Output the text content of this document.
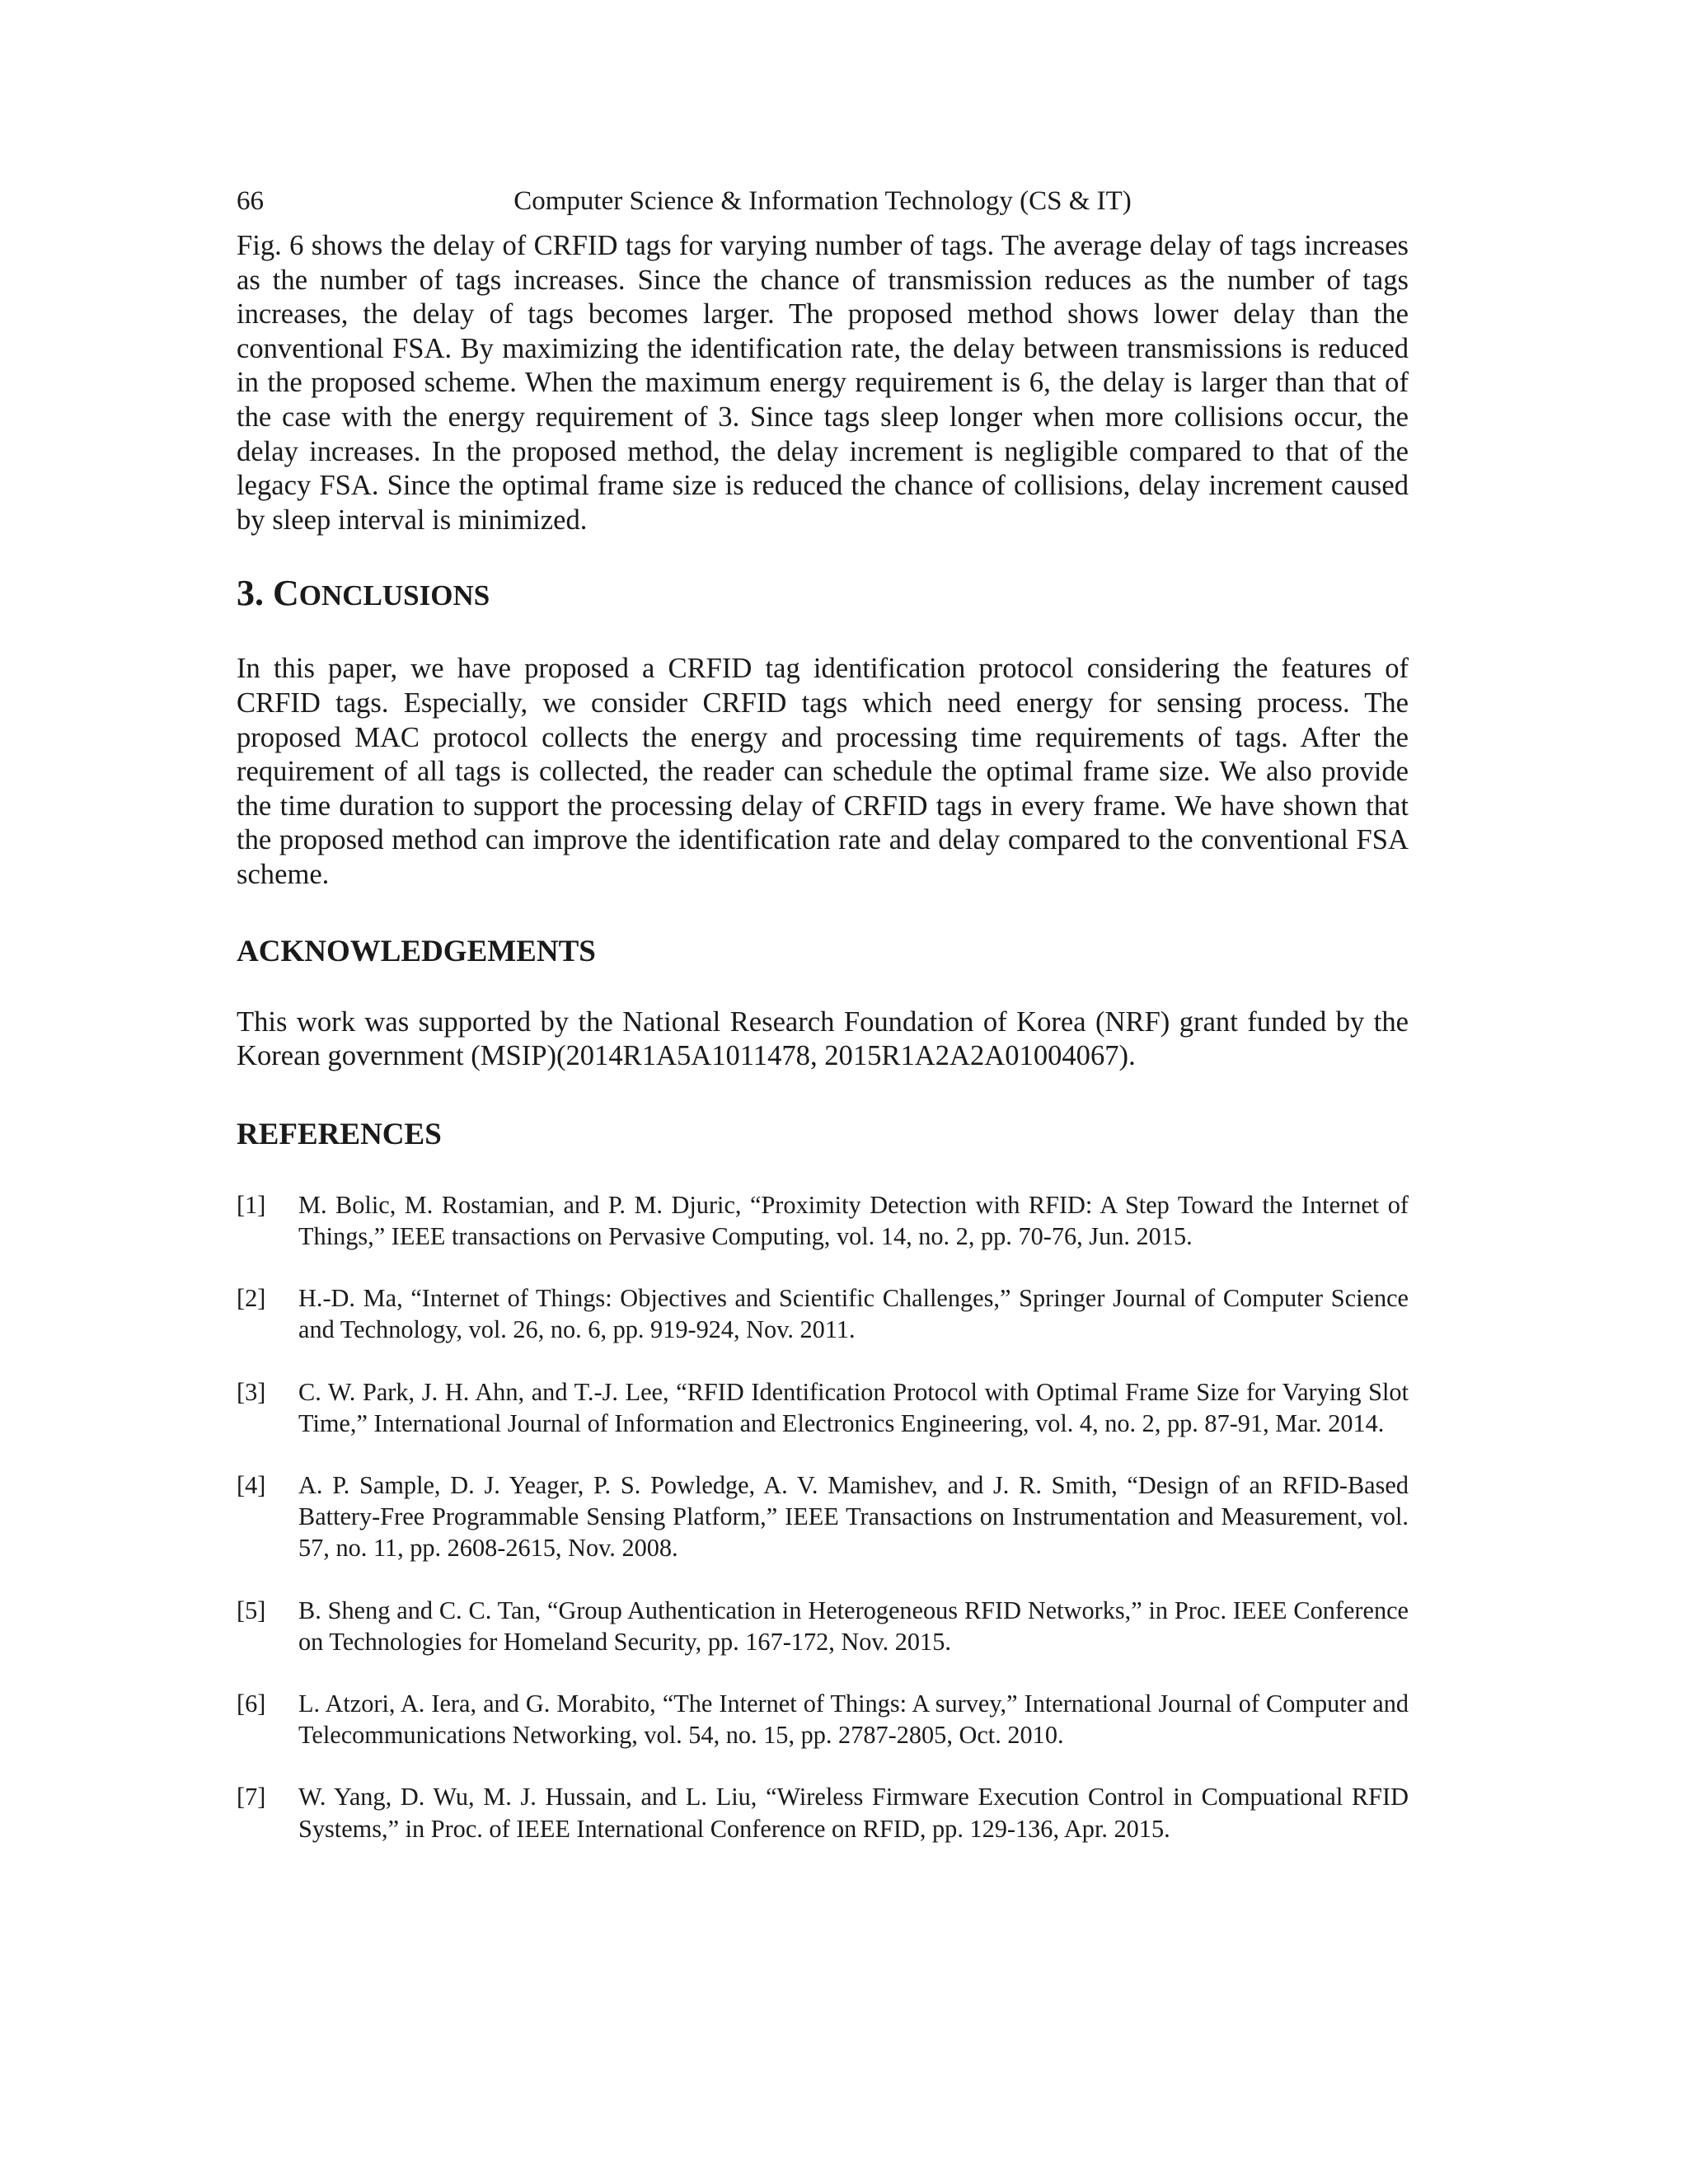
66	Computer Science & Information Technology (CS & IT)

Fig. 6 shows the delay of CRFID tags for varying number of tags. The average delay of tags increases as the number of tags increases. Since the chance of transmission reduces as the number of tags increases, the delay of tags becomes larger. The proposed method shows lower delay than the conventional FSA. By maximizing the identification rate, the delay between transmissions is reduced in the proposed scheme. When the maximum energy requirement is 6, the delay is larger than that of the case with the energy requirement of 3. Since tags sleep longer when more collisions occur, the delay increases. In the proposed method, the delay increment is negligible compared to that of the legacy FSA. Since the optimal frame size is reduced the chance of collisions, delay increment caused by sleep interval is minimized.

3. CONCLUSIONS

In this paper, we have proposed a CRFID tag identification protocol considering the features of CRFID tags. Especially, we consider CRFID tags which need energy for sensing process. The proposed MAC protocol collects the energy and processing time requirements of tags. After the requirement of all tags is collected, the reader can schedule the optimal frame size. We also provide the time duration to support the processing delay of CRFID tags in every frame. We have shown that the proposed method can improve the identification rate and delay compared to the conventional FSA scheme.

ACKNOWLEDGEMENTS

This work was supported by the National Research Foundation of Korea (NRF) grant funded by the Korean government (MSIP)(2014R1A5A1011478, 2015R1A2A2A01004067).

REFERENCES
[1] M. Bolic, M. Rostamian, and P. M. Djuric, “Proximity Detection with RFID: A Step Toward the Internet of Things,” IEEE transactions on Pervasive Computing, vol. 14, no. 2, pp. 70-76, Jun. 2015.
[2] H.-D. Ma, “Internet of Things: Objectives and Scientific Challenges,” Springer Journal of Computer Science and Technology, vol. 26, no. 6, pp. 919-924, Nov. 2011.
[3] C. W. Park, J. H. Ahn, and T.-J. Lee, “RFID Identification Protocol with Optimal Frame Size for Varying Slot Time,” International Journal of Information and Electronics Engineering, vol. 4, no. 2, pp. 87-91, Mar. 2014.
[4] A. P. Sample, D. J. Yeager, P. S. Powledge, A. V. Mamishev, and J. R. Smith, “Design of an RFID-Based Battery-Free Programmable Sensing Platform,” IEEE Transactions on Instrumentation and Measurement, vol. 57, no. 11, pp. 2608-2615, Nov. 2008.
[5] B. Sheng and C. C. Tan, “Group Authentication in Heterogeneous RFID Networks,” in Proc. IEEE Conference on Technologies for Homeland Security, pp. 167-172, Nov. 2015.
[6] L. Atzori, A. Iera, and G. Morabito, “The Internet of Things: A survey,” International Journal of Computer and Telecommunications Networking, vol. 54, no. 15, pp. 2787-2805, Oct. 2010.
[7] W. Yang, D. Wu, M. J. Hussain, and L. Liu, “Wireless Firmware Execution Control in Compuational RFID Systems,” in Proc. of IEEE International Conference on RFID, pp. 129-136, Apr. 2015.
